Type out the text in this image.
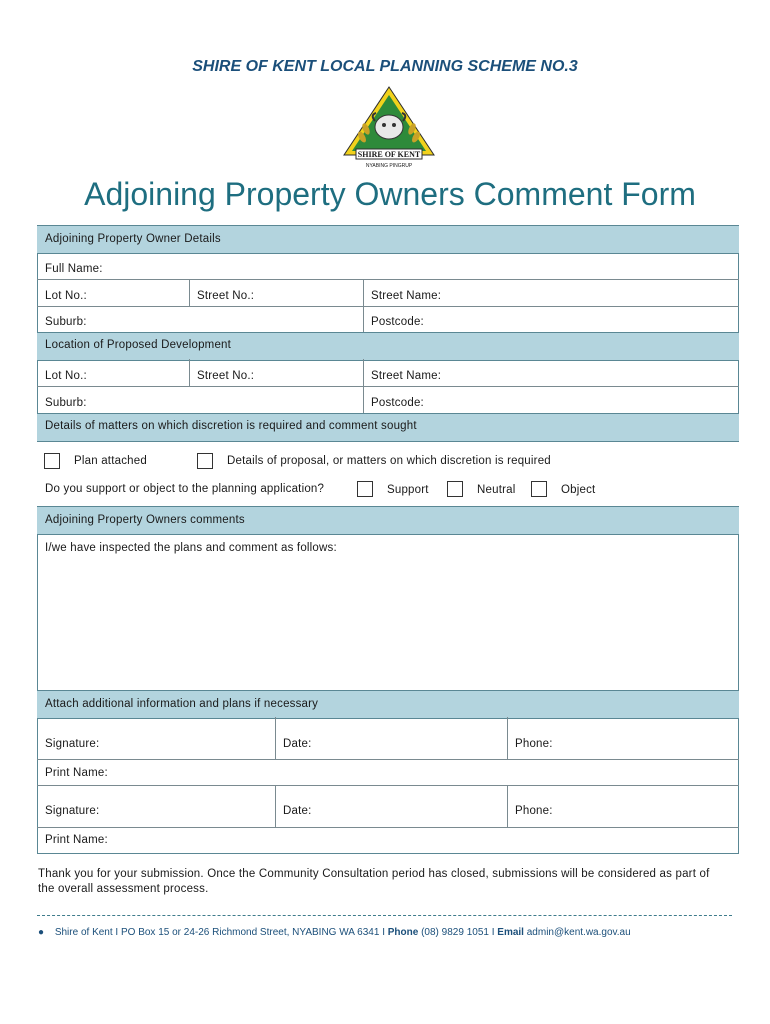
SHIRE OF KENT LOCAL PLANNING SCHEME NO.3
SHIRE OF KENT
NYABING PINGRUP
Adjoining Property Owners Comment Form
Adjoining Property Owner Details
Full Name:
Lot No.:	Street No.:	Street Name:
Suburb:	Postcode:
Location of Proposed Development
Lot No.:	Street No.:	Street Name:
Suburb:	Postcode:
Details of matters on which discretion is required and comment sought
Plan attached	Details of proposal, or matters on which discretion is required
Do you support or object to the planning application?	Support	Neutral	Object
Adjoining Property Owners comments
I/we have inspected the plans and comment as follows:
Attach additional information and plans if necessary
Signature:	Date:	Phone:
Print Name:
Signature:	Date:	Phone:
Print Name:
Thank you for your submission. Once the Community Consultation period has closed, submissions will be considered as part of the overall assessment process.
● Shire of Kent I PO Box 15 or 24-26 Richmond Street, NYABING WA 6341 I Phone (08) 9829 1051 I Email admin@kent.wa.gov.au
